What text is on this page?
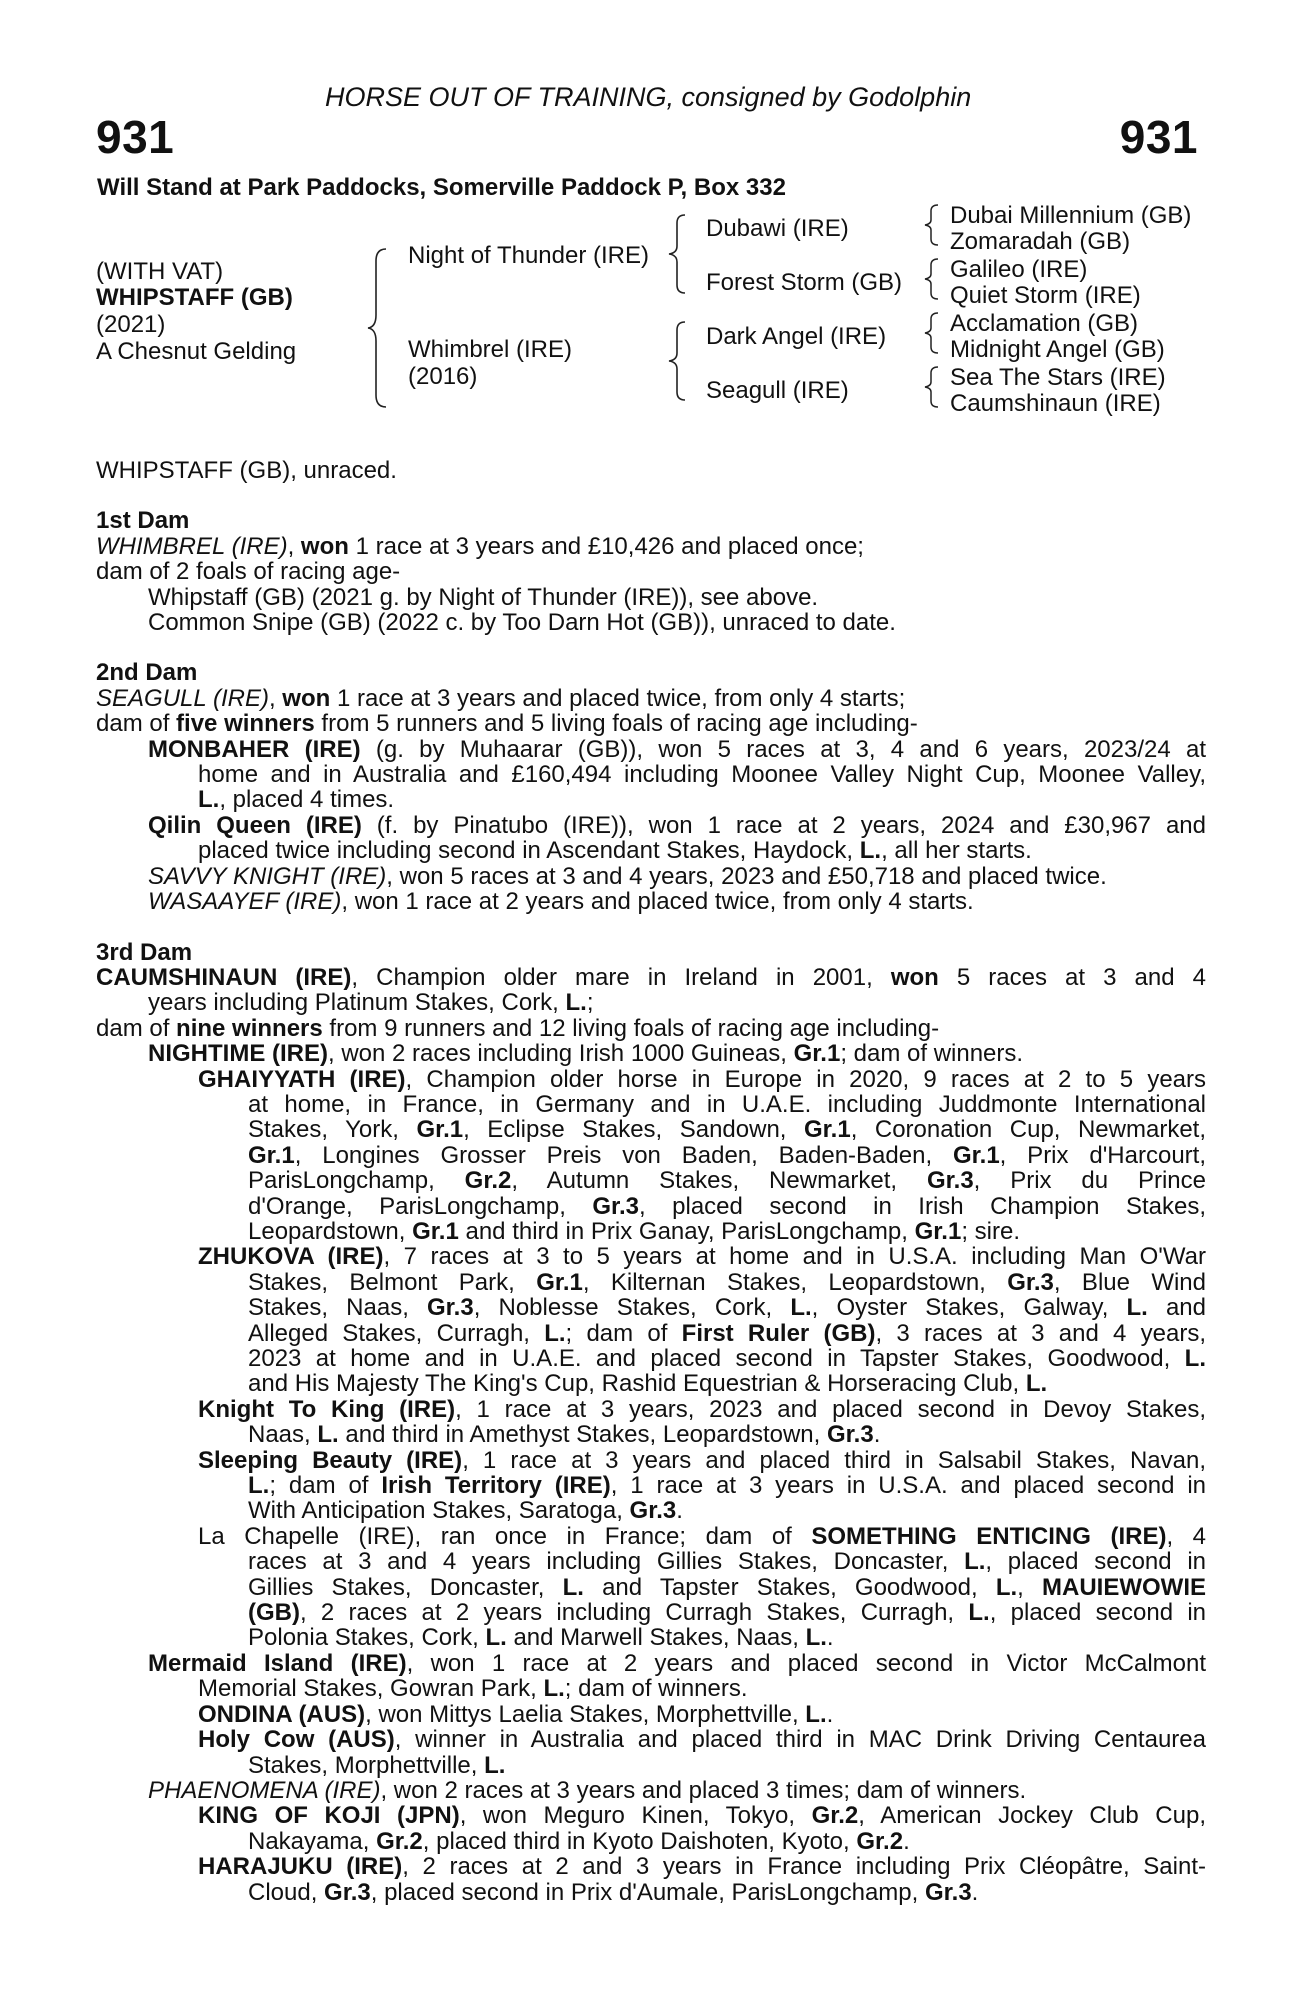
HORSE OUT OF TRAINING, consigned by Godolphin
931	931
Will Stand at Park Paddocks, Somerville Paddock P, Box 332
(WITH VAT)
WHIPSTAFF (GB)
(2021)
A Chesnut Gelding
Night of Thunder (IRE)
Whimbrel (IRE)
(2016)
Dubawi (IRE)
Forest Storm (GB)
Dark Angel (IRE)
Seagull (IRE)
Dubai Millennium (GB)
Zomaradah (GB)
Galileo (IRE)
Quiet Storm (IRE)
Acclamation (GB)
Midnight Angel (GB)
Sea The Stars (IRE)
Caumshinaun (IRE)
WHIPSTAFF (GB), unraced.
1st Dam
WHIMBREL (IRE), won 1 race at 3 years and £10,426 and placed once;
dam of 2 foals of racing age-
Whipstaff (GB) (2021 g. by Night of Thunder (IRE)), see above.
Common Snipe (GB) (2022 c. by Too Darn Hot (GB)), unraced to date.
2nd Dam
SEAGULL (IRE), won 1 race at 3 years and placed twice, from only 4 starts;
dam of five winners from 5 runners and 5 living foals of racing age including-
MONBAHER (IRE) (g. by Muhaarar (GB)), won 5 races at 3, 4 and 6 years, 2023/24 at
home and in Australia and £160,494 including Moonee Valley Night Cup, Moonee Valley,
L., placed 4 times.
Qilin Queen (IRE) (f. by Pinatubo (IRE)), won 1 race at 2 years, 2024 and £30,967 and
placed twice including second in Ascendant Stakes, Haydock, L., all her starts.
SAVVY KNIGHT (IRE), won 5 races at 3 and 4 years, 2023 and £50,718 and placed twice.
WASAAYEF (IRE), won 1 race at 2 years and placed twice, from only 4 starts.
3rd Dam
CAUMSHINAUN (IRE), Champion older mare in Ireland in 2001, won 5 races at 3 and 4
years including Platinum Stakes, Cork, L.;
dam of nine winners from 9 runners and 12 living foals of racing age including-
NIGHTIME (IRE), won 2 races including Irish 1000 Guineas, Gr.1; dam of winners.
GHAIYYATH (IRE), Champion older horse in Europe in 2020, 9 races at 2 to 5 years
at home, in France, in Germany and in U.A.E. including Juddmonte International
Stakes, York, Gr.1, Eclipse Stakes, Sandown, Gr.1, Coronation Cup, Newmarket,
Gr.1, Longines Grosser Preis von Baden, Baden-Baden, Gr.1, Prix d'Harcourt,
ParisLongchamp, Gr.2, Autumn Stakes, Newmarket, Gr.3, Prix du Prince
d'Orange, ParisLongchamp, Gr.3, placed second in Irish Champion Stakes,
Leopardstown, Gr.1 and third in Prix Ganay, ParisLongchamp, Gr.1; sire.
ZHUKOVA (IRE), 7 races at 3 to 5 years at home and in U.S.A. including Man O'War
Stakes, Belmont Park, Gr.1, Kilternan Stakes, Leopardstown, Gr.3, Blue Wind
Stakes, Naas, Gr.3, Noblesse Stakes, Cork, L., Oyster Stakes, Galway, L. and
Alleged Stakes, Curragh, L.; dam of First Ruler (GB), 3 races at 3 and 4 years,
2023 at home and in U.A.E. and placed second in Tapster Stakes, Goodwood, L.
and His Majesty The King's Cup, Rashid Equestrian & Horseracing Club, L.
Knight To King (IRE), 1 race at 3 years, 2023 and placed second in Devoy Stakes,
Naas, L. and third in Amethyst Stakes, Leopardstown, Gr.3.
Sleeping Beauty (IRE), 1 race at 3 years and placed third in Salsabil Stakes, Navan,
L.; dam of Irish Territory (IRE), 1 race at 3 years in U.S.A. and placed second in
With Anticipation Stakes, Saratoga, Gr.3.
La Chapelle (IRE), ran once in France; dam of SOMETHING ENTICING (IRE), 4
races at 3 and 4 years including Gillies Stakes, Doncaster, L., placed second in
Gillies Stakes, Doncaster, L. and Tapster Stakes, Goodwood, L., MAUIEWOWIE
(GB), 2 races at 2 years including Curragh Stakes, Curragh, L., placed second in
Polonia Stakes, Cork, L. and Marwell Stakes, Naas, L..
Mermaid Island (IRE), won 1 race at 2 years and placed second in Victor McCalmont
Memorial Stakes, Gowran Park, L.; dam of winners.
ONDINA (AUS), won Mittys Laelia Stakes, Morphettville, L..
Holy Cow (AUS), winner in Australia and placed third in MAC Drink Driving Centaurea
Stakes, Morphettville, L.
PHAENOMENA (IRE), won 2 races at 3 years and placed 3 times; dam of winners.
KING OF KOJI (JPN), won Meguro Kinen, Tokyo, Gr.2, American Jockey Club Cup,
Nakayama, Gr.2, placed third in Kyoto Daishoten, Kyoto, Gr.2.
HARAJUKU (IRE), 2 races at 2 and 3 years in France including Prix Cléopâtre, Saint-
Cloud, Gr.3, placed second in Prix d'Aumale, ParisLongchamp, Gr.3.
